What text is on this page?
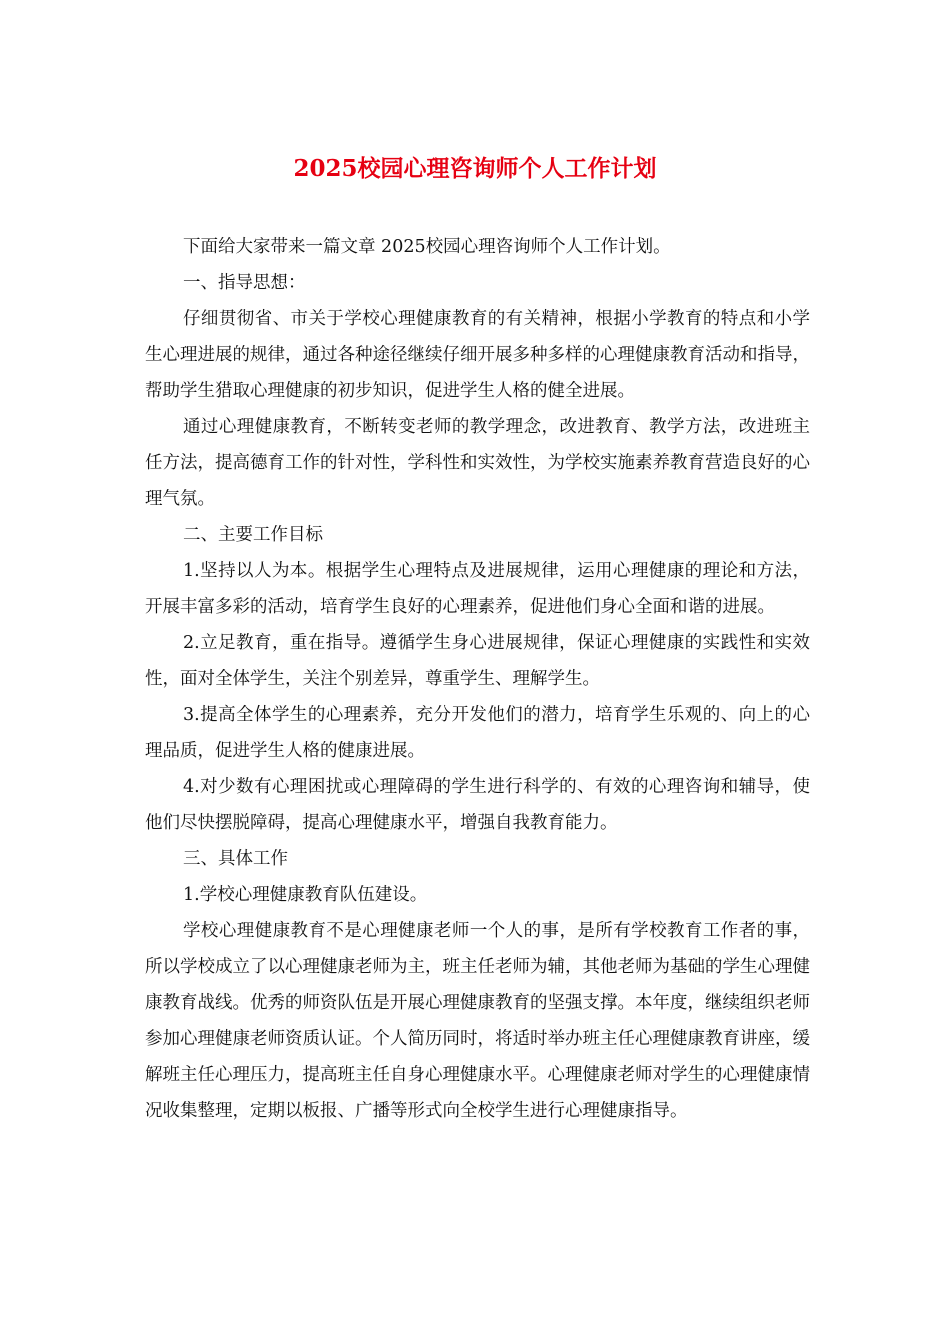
2025校园心理咨询师个人工作计划

下面给大家带来一篇文章 2025校园心理咨询师个人工作计划。

一、指导思想：

仔细贯彻省、市关于学校心理健康教育的有关精神，根据小学教育的特点和小学生心理进展的规律，通过各种途径继续仔细开展多种多样的心理健康教育活动和指导，帮助学生猎取心理健康的初步知识，促进学生人格的健全进展。

通过心理健康教育，不断转变老师的教学理念，改进教育、教学方法，改进班主任方法，提高德育工作的针对性，学科性和实效性，为学校实施素养教育营造良好的心理气氛。

二、主要工作目标

1.坚持以人为本。根据学生心理特点及进展规律，运用心理健康的理论和方法，开展丰富多彩的活动，培育学生良好的心理素养，促进他们身心全面和谐的进展。

2.立足教育，重在指导。遵循学生身心进展规律，保证心理健康的实践性和实效性，面对全体学生，关注个别差异，尊重学生、理解学生。

3.提高全体学生的心理素养，充分开发他们的潜力，培育学生乐观的、向上的心理品质，促进学生人格的健康进展。

4.对少数有心理困扰或心理障碍的学生进行科学的、有效的心理咨询和辅导，使他们尽快摆脱障碍，提高心理健康水平，增强自我教育能力。

三、具体工作

1.学校心理健康教育队伍建设。

学校心理健康教育不是心理健康老师一个人的事，是所有学校教育工作者的事，所以学校成立了以心理健康老师为主，班主任老师为辅，其他老师为基础的学生心理健康教育战线。优秀的师资队伍是开展心理健康教育的坚强支撑。本年度，继续组织老师参加心理健康老师资质认证。个人简历同时，将适时举办班主任心理健康教育讲座，缓解班主任心理压力，提高班主任自身心理健康水平。心理健康老师对学生的心理健康情况收集整理，定期以板报、广播等形式向全校学生进行心理健康指导。
